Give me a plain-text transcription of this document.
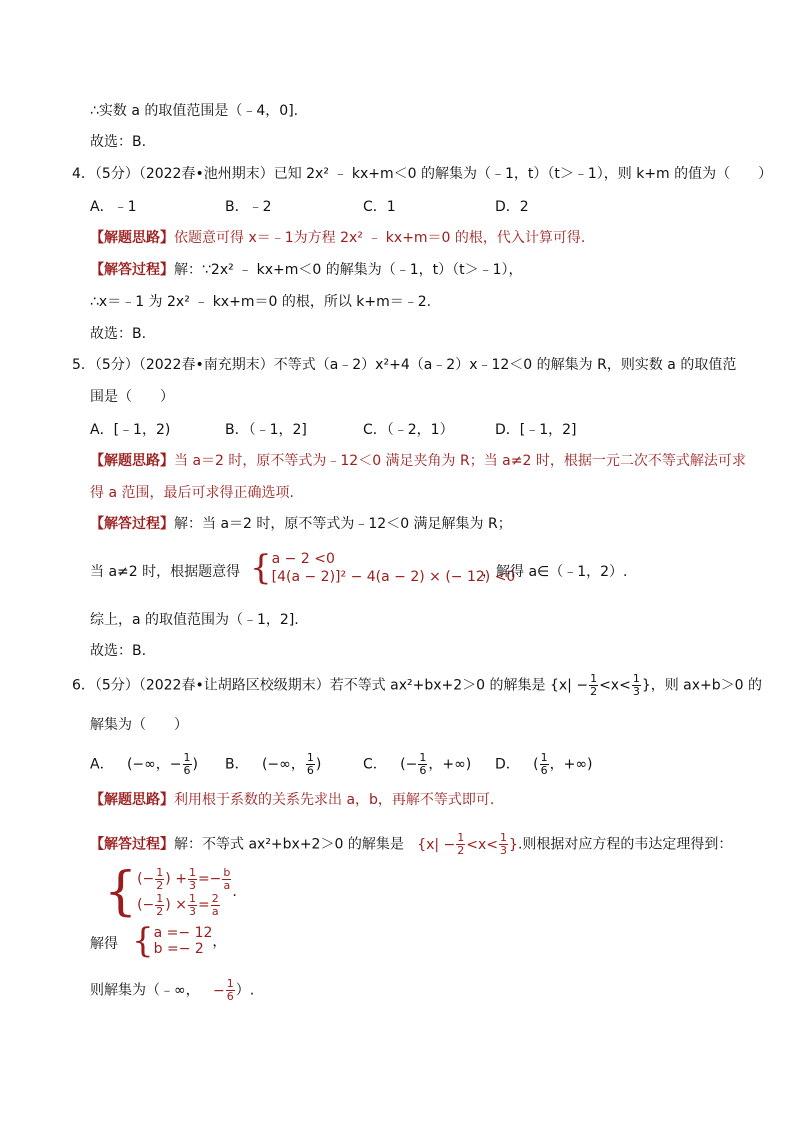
∴实数 a 的取值范围是（﹣4，0].
故选：B.
4．（5分）（2022春•池州期末）已知 2x² ﹣ kx+m＜0 的解集为（﹣1，t）（t＞﹣1），则 k+m 的值为（　　）
A．﹣1	B．﹣2	C．1	D．2
【解题思路】依题意可得 x＝﹣1为方程 2x² ﹣ kx+m＝0 的根，代入计算可得.
【解答过程】解：∵2x² ﹣ kx+m＜0 的解集为（﹣1，t）（t＞﹣1），
∴x＝﹣1 为 2x² ﹣ kx+m＝0 的根，所以 k+m＝﹣2.
故选：B.
5．（5分）（2022春•南充期末）不等式（a﹣2）x²+4（a﹣2）x﹣12＜0 的解集为 R，则实数 a 的取值范
围是（　　）
A．[﹣1，2)	B．（﹣1，2]	C．（﹣2，1）	D．[﹣1，2]
【解题思路】当 a＝2 时，原不等式为﹣12＜0 满足夹角为 R；当 a≠2 时，根据一元二次不等式解法可求
得 a 范围，最后可求得正确选项.
【解答过程】解：当 a＝2 时，原不等式为﹣12＜0 满足解集为 R；
当 a≠2 时，根据题意得 { a − 2 <0
[4(a − 2)]² − 4(a − 2) × (− 12) <0
，解得 a∈（﹣1，2）.
综上，a 的取值范围为（﹣1，2].
故选：B.
6．（5分）（2022春•让胡路区校级期末）若不等式 ax²+bx+2＞0 的解集是 {$x| - \frac{1}{2} <x< \frac{1}{3}$ }，则 ax+b＞0 的
解集为（　　）
A． (−∞，− $\frac{1}{6}$ ) B． (−∞， $\frac{1}{6}$ )	C． (− $\frac{1}{6}$ ，+∞) D． ( $\frac{1}{6}$ ，+∞)
【解题思路】利用根于系数的关系先求出 a，b，再解不等式即可.
【解答过程】解：不等式 ax²+bx+2＞0 的解集是 {$x| - \frac{1}{2} <x< \frac{1}{3}$ }.则根据对应方程的韦达定理得到：
{ (− $\frac{1}{2}$ ) + $\frac{1}{3} =- \frac{b}{a}$
(− $\frac{1}{2}$ ) × $\frac{1}{3} = \frac{2}{a}$
.
解得 { a =− 12
b =− 2 ，
则解集为（﹣∞， − $\frac{1}{6}$ ）.
